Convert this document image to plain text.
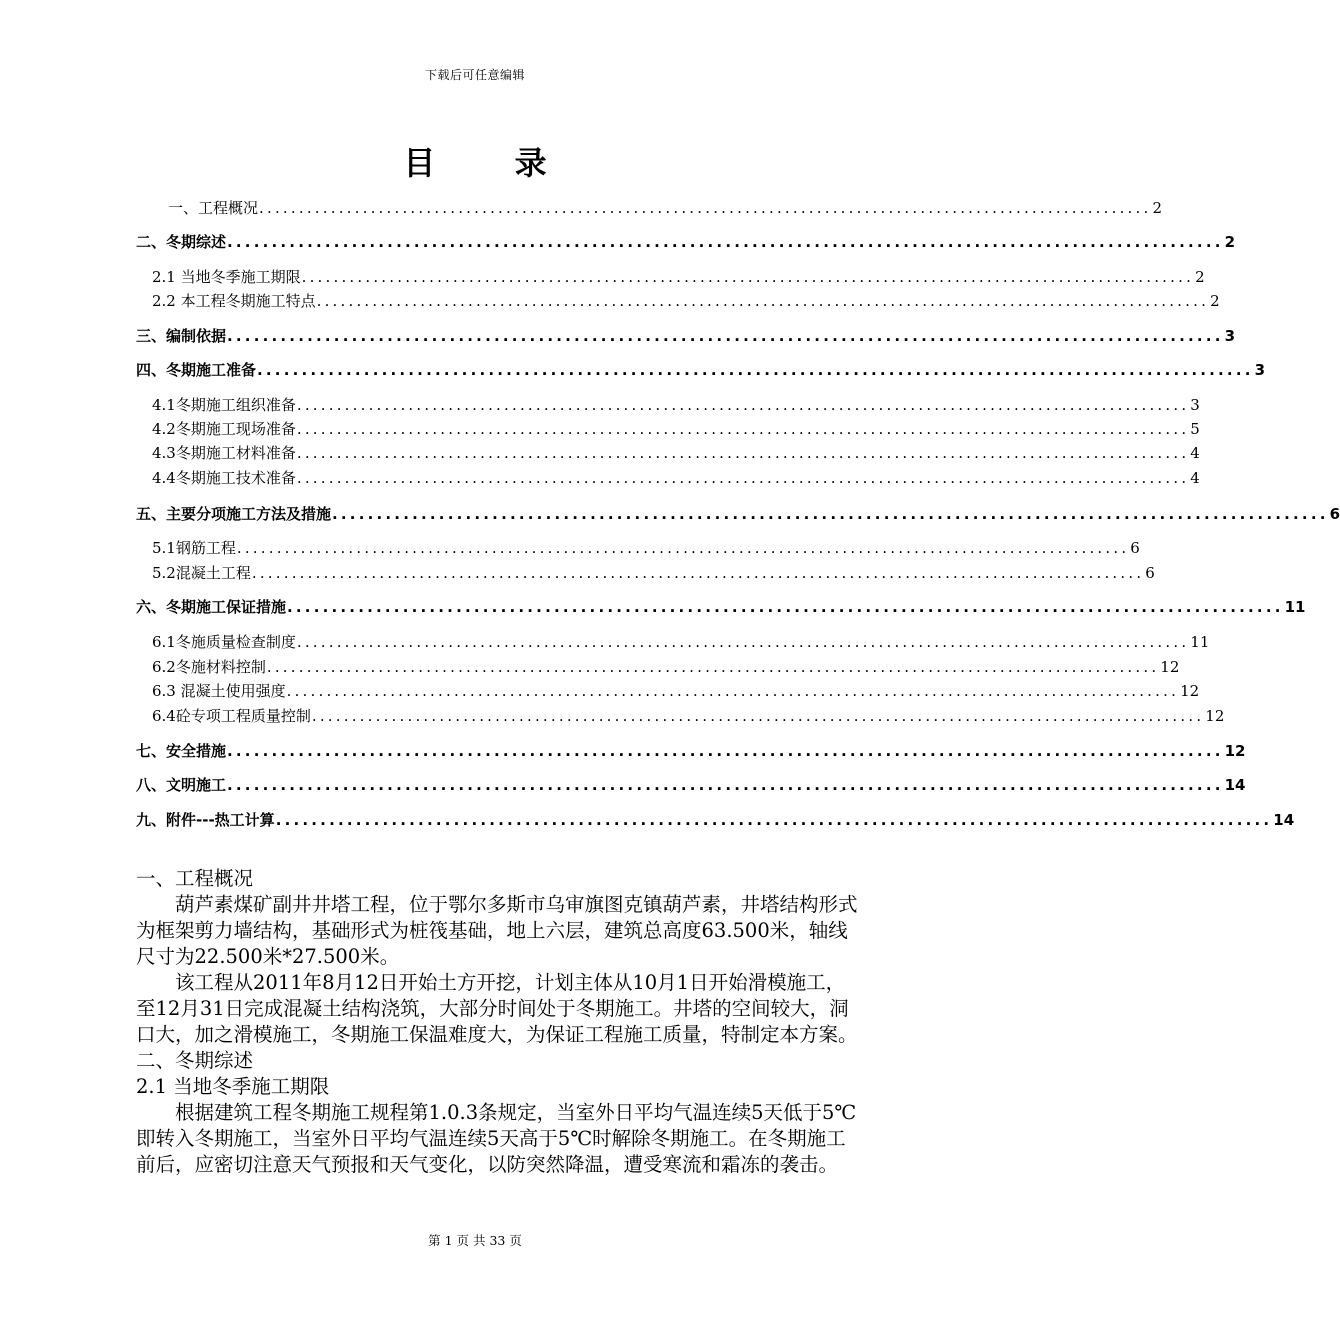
下载后可任意编辑
目 录
一、工程概况 ................................................................................................................ 2
二、冬期综述 ................................................................................................................ 2
2.1 当地冬季施工期限 ................................................................................................................ 2
2.2 本工程冬期施工特点 ................................................................................................................ 2
三、编制依据 ................................................................................................................ 3
四、冬期施工准备 ................................................................................................................ 3
4.1冬期施工组织准备 ................................................................................................................ 3
4.2冬期施工现场准备 ................................................................................................................ 5
4.3冬期施工材料准备 ................................................................................................................ 4
4.4冬期施工技术准备 ................................................................................................................ 4
五、主要分项施工方法及措施 ................................................................................................................ 6
5.1钢筋工程 ................................................................................................................ 6
5.2混凝土工程 ................................................................................................................ 6
六、冬期施工保证措施 ................................................................................................................ 11
6.1冬施质量检查制度 ................................................................................................................ 11
6.2冬施材料控制 ................................................................................................................ 12
6.3 混凝土使用强度 ................................................................................................................ 12
6.4砼专项工程质量控制 ................................................................................................................ 12
七、安全措施 ................................................................................................................ 12
八、文明施工 ................................................................................................................ 14
九、附件---热工计算 ................................................................................................................ 14

一、工程概况

葫芦素煤矿副井井塔工程，位于鄂尔多斯市乌审旗图克镇葫芦素，井塔结构形式为框架剪力墙结构，基础形式为桩筏基础，地上六层，建筑总高度63.500米，轴线尺寸为22.500米*27.500米。

该工程从2011年8月12日开始土方开挖，计划主体从10月1日开始滑模施工，至12月31日完成混凝土结构浇筑，大部分时间处于冬期施工。井塔的空间较大，洞口大，加之滑模施工，冬期施工保温难度大，为保证工程施工质量，特制定本方案。

二、冬期综述

2.1 当地冬季施工期限

根据建筑工程冬期施工规程第1.0.3条规定，当室外日平均气温连续5天低于5℃即转入冬期施工，当室外日平均气温连续5天高于5℃时解除冬期施工。在冬期施工前后，应密切注意天气预报和天气变化，以防突然降温，遭受寒流和霜冻的袭击。

第 1 页 共 33 页
